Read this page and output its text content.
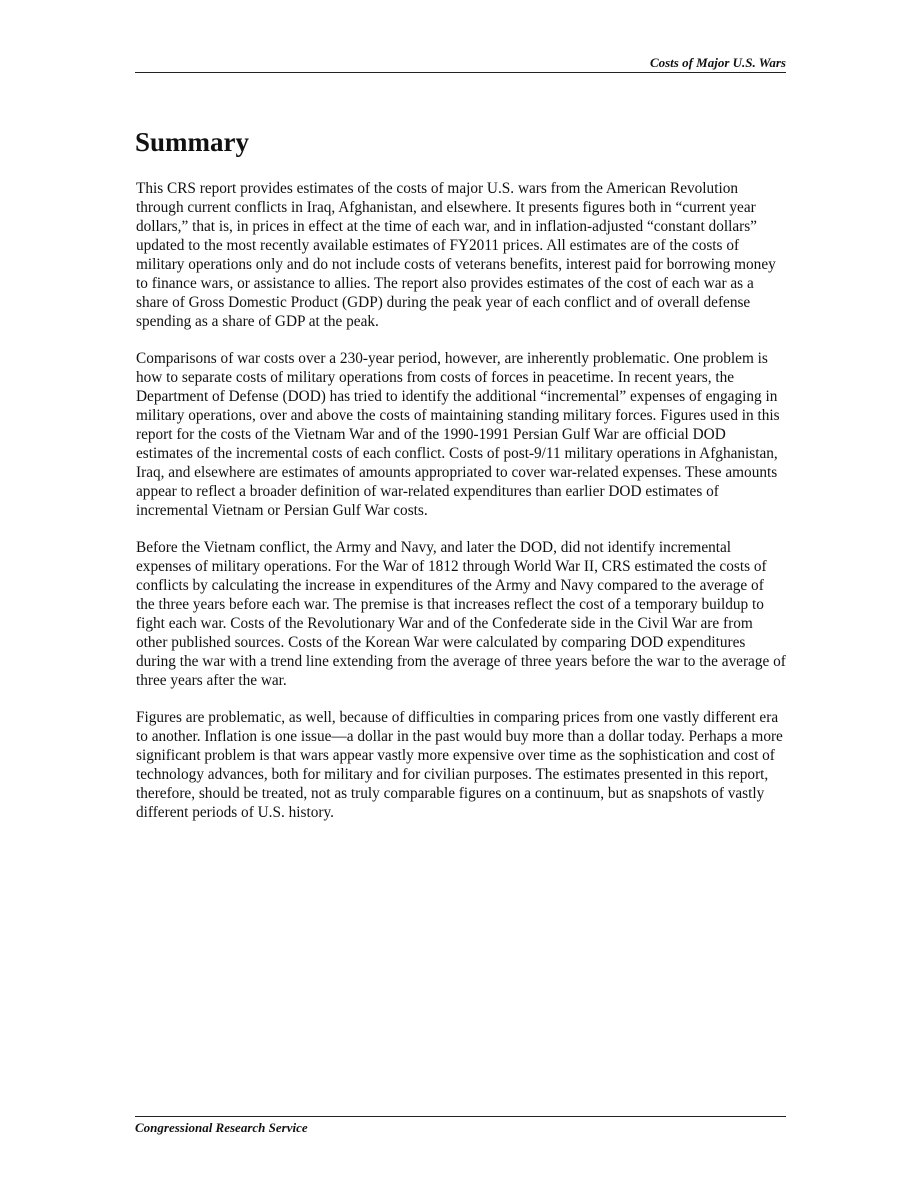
Costs of Major U.S. Wars
Summary

This CRS report provides estimates of the costs of major U.S. wars from the American Revolution through current conflicts in Iraq, Afghanistan, and elsewhere. It presents figures both in “current year dollars,” that is, in prices in effect at the time of each war, and in inflation-adjusted “constant dollars” updated to the most recently available estimates of FY2011 prices. All estimates are of the costs of military operations only and do not include costs of veterans benefits, interest paid for borrowing money to finance wars, or assistance to allies. The report also provides estimates of the cost of each war as a share of Gross Domestic Product (GDP) during the peak year of each conflict and of overall defense spending as a share of GDP at the peak.

Comparisons of war costs over a 230-year period, however, are inherently problematic. One problem is how to separate costs of military operations from costs of forces in peacetime. In recent years, the Department of Defense (DOD) has tried to identify the additional “incremental” expenses of engaging in military operations, over and above the costs of maintaining standing military forces. Figures used in this report for the costs of the Vietnam War and of the 1990-1991 Persian Gulf War are official DOD estimates of the incremental costs of each conflict. Costs of post-9/11 military operations in Afghanistan, Iraq, and elsewhere are estimates of amounts appropriated to cover war-related expenses. These amounts appear to reflect a broader definition of war-related expenditures than earlier DOD estimates of incremental Vietnam or Persian Gulf War costs.

Before the Vietnam conflict, the Army and Navy, and later the DOD, did not identify incremental expenses of military operations. For the War of 1812 through World War II, CRS estimated the costs of conflicts by calculating the increase in expenditures of the Army and Navy compared to the average of the three years before each war. The premise is that increases reflect the cost of a temporary buildup to fight each war. Costs of the Revolutionary War and of the Confederate side in the Civil War are from other published sources. Costs of the Korean War were calculated by comparing DOD expenditures during the war with a trend line extending from the average of three years before the war to the average of three years after the war.

Figures are problematic, as well, because of difficulties in comparing prices from one vastly different era to another. Inflation is one issue—a dollar in the past would buy more than a dollar today. Perhaps a more significant problem is that wars appear vastly more expensive over time as the sophistication and cost of technology advances, both for military and for civilian purposes. The estimates presented in this report, therefore, should be treated, not as truly comparable figures on a continuum, but as snapshots of vastly different periods of U.S. history.

Congressional Research Service
